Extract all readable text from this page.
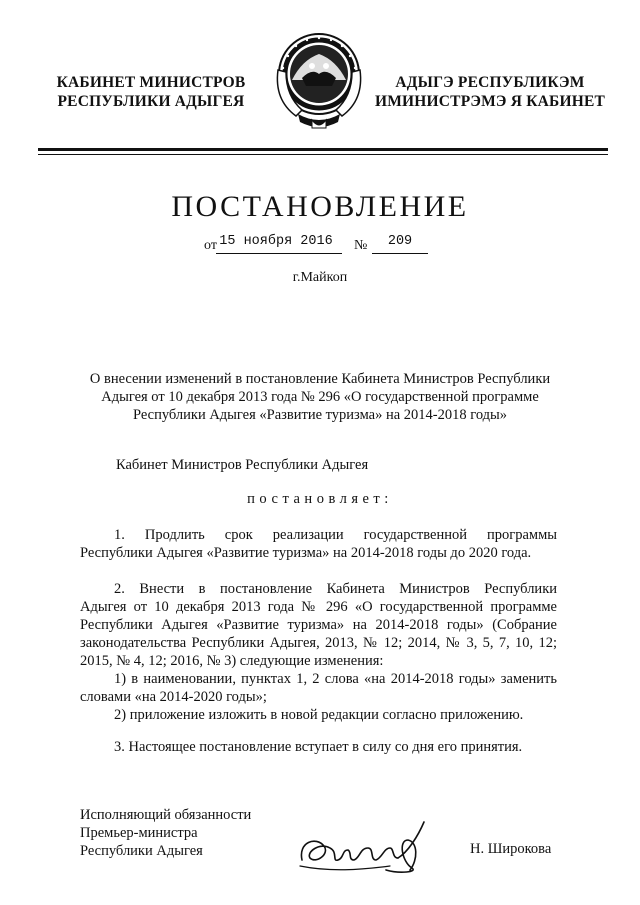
КАБИНЕТ МИНИСТРОВ
РЕСПУБЛИКИ АДЫГЕЯ
АДЫГЭ РЕСПУБЛИКЭМ
ИМИНИСТРЭМЭ Я КАБИНЕТ
ПОСТАНОВЛЕНИЕ
от 15 ноября 2016 №	209
г.Майкоп
О внесении изменений в постановление Кабинета Министров Республики
Адыгея от 10 декабря 2013 года № 296 «О государственной программе
Республики Адыгея «Развитие туризма» на 2014-2018 годы»
Кабинет Министров Республики Адыгея
постановляет:
1. Продлить срок реализации государственной программы
Республики Адыгея «Развитие туризма» на 2014-2018 годы до 2020 года.
2. Внести в постановление Кабинета Министров Республики
Адыгея от 10 декабря 2013 года № 296 «О государственной программе
Республики Адыгея «Развитие туризма» на 2014-2018 годы» (Собрание
законодательства Республики Адыгея, 2013, № 12; 2014, № 3, 5, 7, 10, 12;
2015, № 4, 12; 2016, № 3) следующие изменения:
1) в наименовании, пунктах 1, 2 слова «на 2014-2018 годы» заменить
словами «на 2014-2020 годы»;
2) приложение изложить в новой редакции согласно приложению.
3. Настоящее постановление вступает в силу со дня его принятия.
Исполняющий обязанности
Премьер-министра
Республики Адыгея	Н. Широкова
